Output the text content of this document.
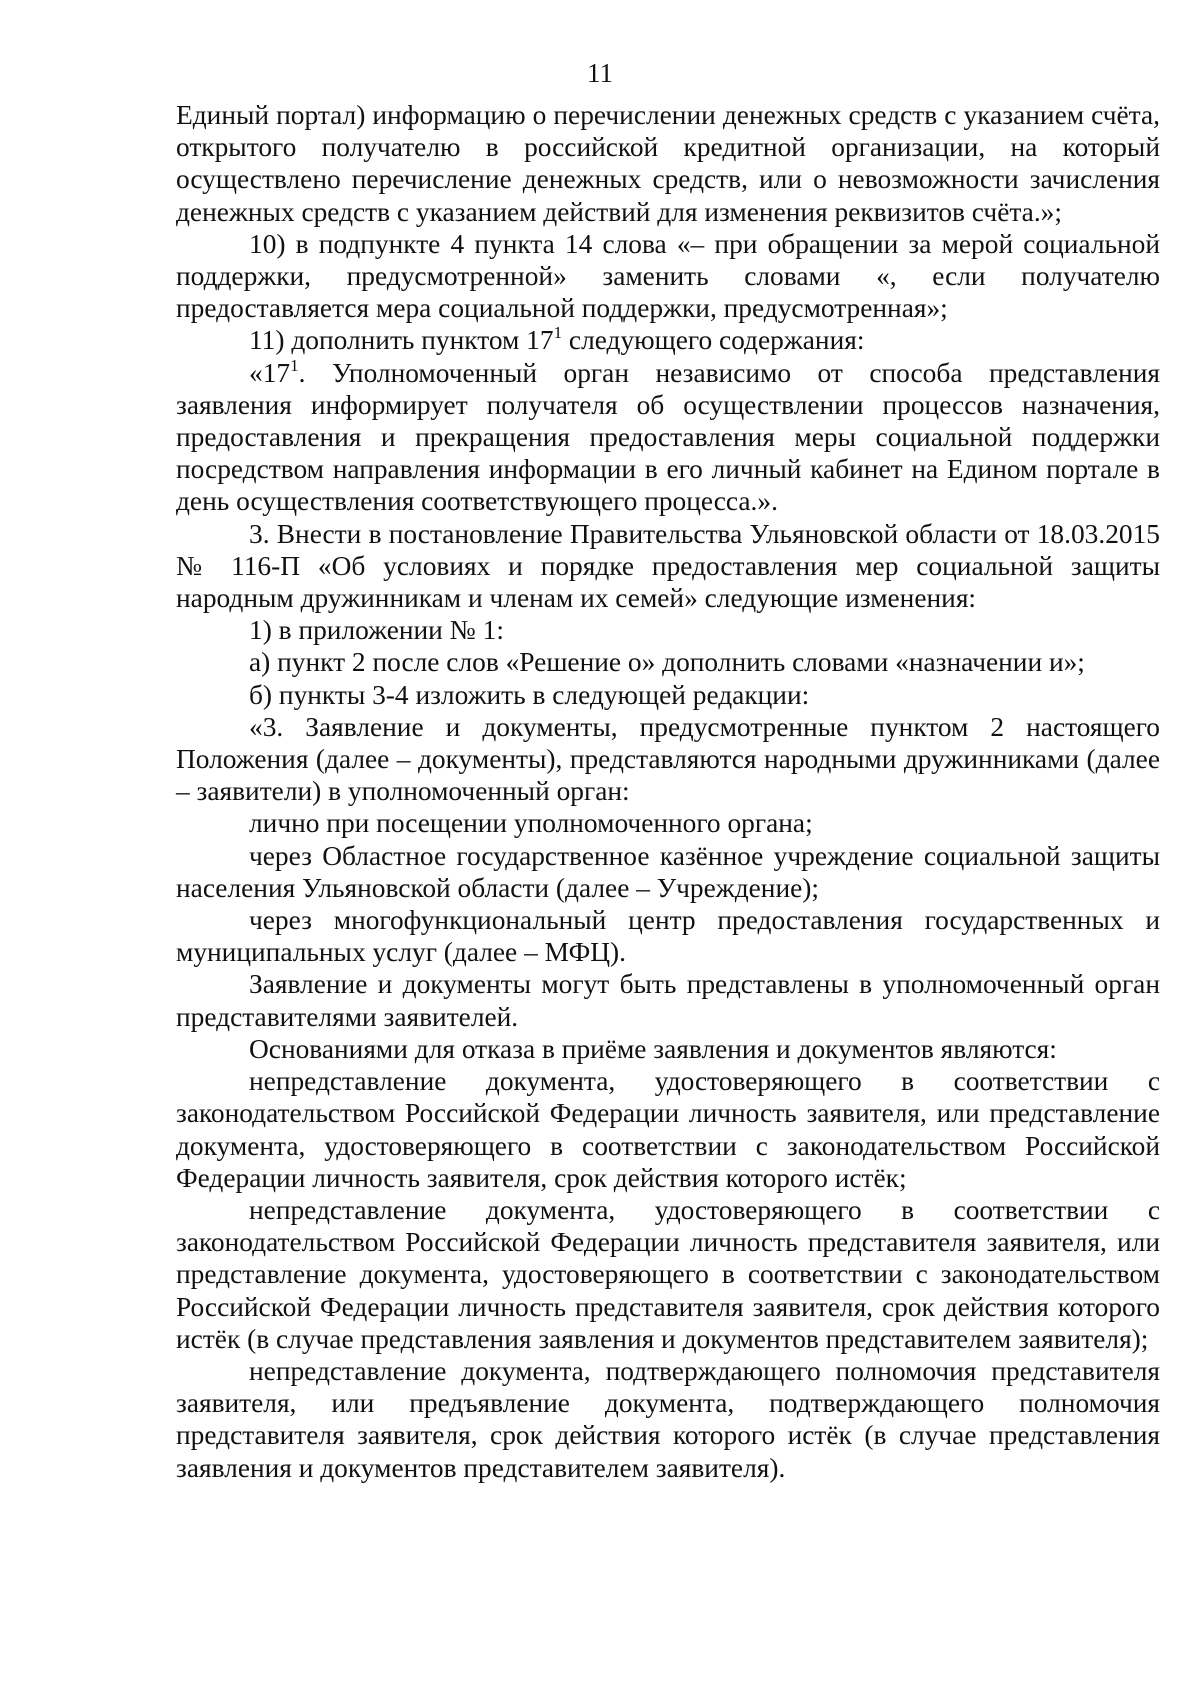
11

Единый портал) информацию о перечислении денежных средств с указанием счёта, открытого получателю в российской кредитной организации, на который осуществлено перечисление денежных средств, или о невозможности зачисления денежных средств с указанием действий для изменения реквизитов счёта.»;

10) в подпункте 4 пункта 14 слова «– при обращении за мерой социальной поддержки, предусмотренной» заменить словами «, если получателю предоставляется мера социальной поддержки, предусмотренная»;

11) дополнить пунктом $17^1$ следующего содержания:

«$17^1$. Уполномоченный орган независимо от способа представления заявления информирует получателя об осуществлении процессов назначения, предоставления и прекращения предоставления меры социальной поддержки посредством направления информации в его личный кабинет на Едином портале в день осуществления соответствующего процесса.».

3. Внести в постановление Правительства Ульяновской области от 18.03.2015 № 116-П «Об условиях и порядке предоставления мер социальной защиты народным дружинникам и членам их семей» следующие изменения:

1) в приложении № 1:

а) пункт 2 после слов «Решение о» дополнить словами «назначении и»;

б) пункты 3-4 изложить в следующей редакции:

«3. Заявление и документы, предусмотренные пунктом 2 настоящего Положения (далее – документы), представляются народными дружинниками (далее – заявители) в уполномоченный орган:

лично при посещении уполномоченного органа;

через Областное государственное казённое учреждение социальной защиты населения Ульяновской области (далее – Учреждение);

через многофункциональный центр предоставления государственных и муниципальных услуг (далее – МФЦ).

Заявление и документы могут быть представлены в уполномоченный орган представителями заявителей.

Основаниями для отказа в приёме заявления и документов являются:

непредставление документа, удостоверяющего в соответствии с законодательством Российской Федерации личность заявителя, или представление документа, удостоверяющего в соответствии с законодательством Российской Федерации личность заявителя, срок действия которого истёк;

непредставление документа, удостоверяющего в соответствии с законодательством Российской Федерации личность представителя заявителя, или представление документа, удостоверяющего в соответствии с законодательством Российской Федерации личность представителя заявителя, срок действия которого истёк (в случае представления заявления и документов представителем заявителя);

непредставление документа, подтверждающего полномочия представителя заявителя, или предъявление документа, подтверждающего полномочия представителя заявителя, срок действия которого истёк (в случае представления заявления и документов представителем заявителя).
